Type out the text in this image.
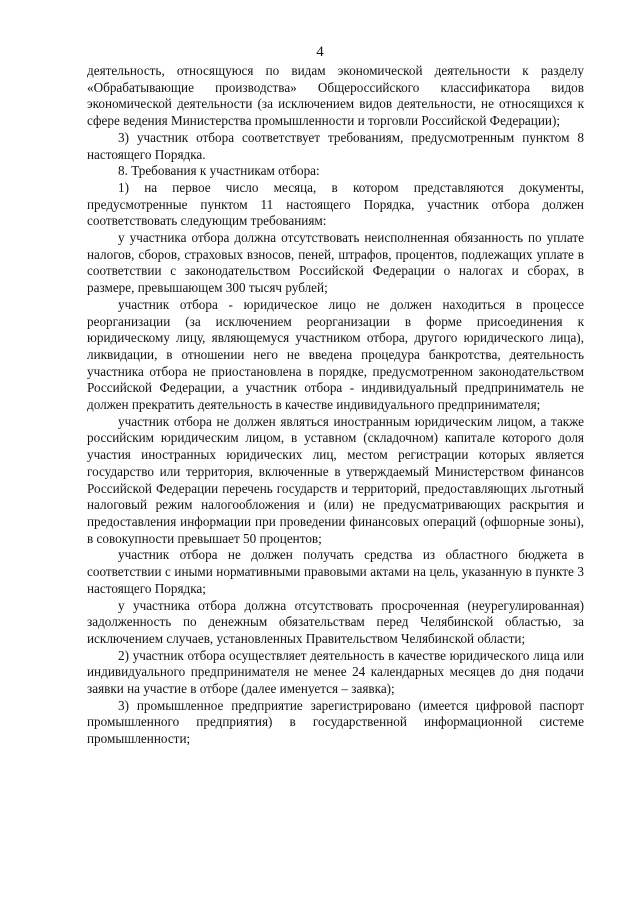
4

деятельность, относящуюся по видам экономической деятельности к разделу «Обрабатывающие производства» Общероссийского классификатора видов экономической деятельности (за исключением видов деятельности, не относящихся к сфере ведения Министерства промышленности и торговли Российской Федерации);

3) участник отбора соответствует требованиям, предусмотренным пунктом 8 настоящего Порядка.

8. Требования к участникам отбора:

1) на первое число месяца, в котором представляются документы, предусмотренные пунктом 11 настоящего Порядка, участник отбора должен соответствовать следующим требованиям:

у участника отбора должна отсутствовать неисполненная обязанность по уплате налогов, сборов, страховых взносов, пеней, штрафов, процентов, подлежащих уплате в соответствии с законодательством Российской Федерации о налогах и сборах, в размере, превышающем 300 тысяч рублей;

участник отбора - юридическое лицо не должен находиться в процессе реорганизации (за исключением реорганизации в форме присоединения к юридическому лицу, являющемуся участником отбора, другого юридического лица), ликвидации, в отношении него не введена процедура банкротства, деятельность участника отбора не приостановлена в порядке, предусмотренном законодательством Российской Федерации, а участник отбора - индивидуальный предприниматель не должен прекратить деятельность в качестве индивидуального предпринимателя;

участник отбора не должен являться иностранным юридическим лицом, а также российским юридическим лицом, в уставном (складочном) капитале которого доля участия иностранных юридических лиц, местом регистрации которых является государство или территория, включенные в утверждаемый Министерством финансов Российской Федерации перечень государств и территорий, предоставляющих льготный налоговый режим налогообложения и (или) не предусматривающих раскрытия и предоставления информации при проведении финансовых операций (офшорные зоны), в совокупности превышает 50 процентов;

участник отбора не должен получать средства из областного бюджета в соответствии с иными нормативными правовыми актами на цель, указанную в пункте 3 настоящего Порядка;

у участника отбора должна отсутствовать просроченная (неурегулированная) задолженность по денежным обязательствам перед Челябинской областью, за исключением случаев, установленных Правительством Челябинской области;

2) участник отбора осуществляет деятельность в качестве юридического лица или индивидуального предпринимателя не менее 24 календарных месяцев до дня подачи заявки на участие в отборе (далее именуется – заявка);

3) промышленное предприятие зарегистрировано (имеется цифровой паспорт промышленного предприятия) в государственной информационной системе промышленности;
